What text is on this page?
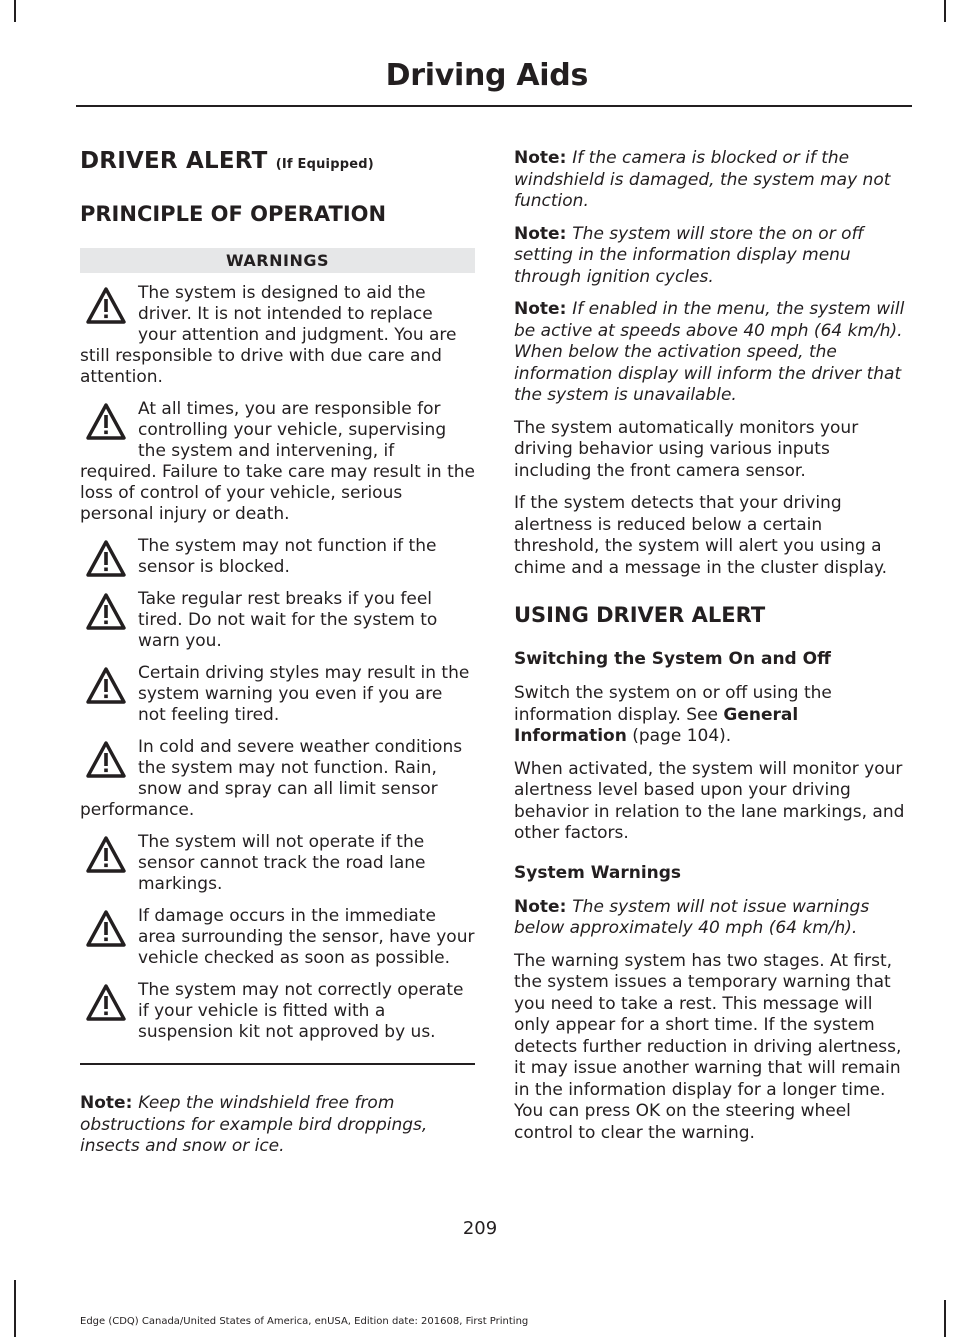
Driving Aids
DRIVER ALERT (If Equipped)
PRINCIPLE OF OPERATION
WARNINGS
The system is designed to aid the driver. It is not intended to replace your attention and judgment. You are still responsible to drive with due care and attention.
At all times, you are responsible for controlling your vehicle, supervising the system and intervening, if required. Failure to take care may result in the loss of control of your vehicle, serious personal injury or death.
The system may not function if the sensor is blocked.
Take regular rest breaks if you feel tired. Do not wait for the system to warn you.
Certain driving styles may result in the system warning you even if you are not feeling tired.
In cold and severe weather conditions the system may not function. Rain, snow and spray can all limit sensor performance.
The system will not operate if the sensor cannot track the road lane markings.
If damage occurs in the immediate area surrounding the sensor, have your vehicle checked as soon as possible.
The system may not correctly operate if your vehicle is fitted with a suspension kit not approved by us.

Note: Keep the windshield free from obstructions for example bird droppings, insects and snow or ice.

Note: If the camera is blocked or if the windshield is damaged, the system may not function.

Note: The system will store the on or off setting in the information display menu through ignition cycles.

Note: If enabled in the menu, the system will be active at speeds above 40 mph (64 km/h). When below the activation speed, the information display will inform the driver that the system is unavailable.

The system automatically monitors your driving behavior using various inputs including the front camera sensor.

If the system detects that your driving alertness is reduced below a certain threshold, the system will alert you using a chime and a message in the cluster display.

USING DRIVER ALERT
Switching the System On and Off

Switch the system on or off using the information display. See General Information (page 104).

When activated, the system will monitor your alertness level based upon your driving behavior in relation to the lane markings, and other factors.

System Warnings

Note: The system will not issue warnings below approximately 40 mph (64 km/h).

The warning system has two stages. At first, the system issues a temporary warning that you need to take a rest. This message will only appear for a short time. If the system detects further reduction in driving alertness, it may issue another warning that will remain in the information display for a longer time. You can press OK on the steering wheel control to clear the warning.

209
Edge (CDQ) Canada/United States of America, enUSA, Edition date: 201608, First Printing
